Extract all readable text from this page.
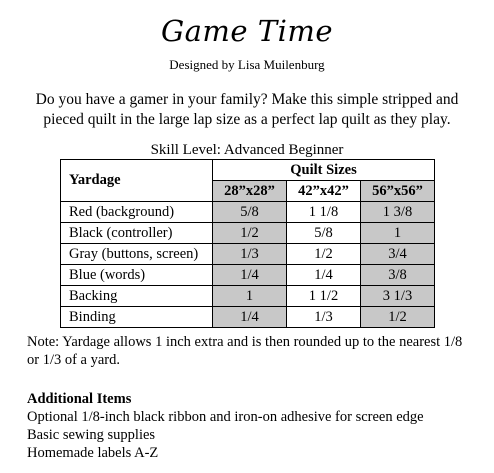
Game Time
Designed by Lisa Muilenburg
Do you have a gamer in your family? Make this simple stripped and pieced quilt in the large lap size as a perfect lap quilt as they play.
Skill Level: Advanced Beginner
Yardage	Quilt Sizes		
	28”x28”	42”x42”	56”x56”
Red (background)	5/8	1 1/8	1 3/8
Black (controller)	1/2	5/8	1
Gray (buttons, screen)	1/3	1/2	3/4
Blue (words)	1/4	1/4	3/8
Backing	1	1 1/2	3 1/3
Binding	1/4	1/3	1/2
Note: Yardage allows 1 inch extra and is then rounded up to the nearest 1/8 or 1/3 of a yard.
Additional Items
Optional 1/8-inch black ribbon and iron-on adhesive for screen edge
Basic sewing supplies
Homemade labels A-Z
